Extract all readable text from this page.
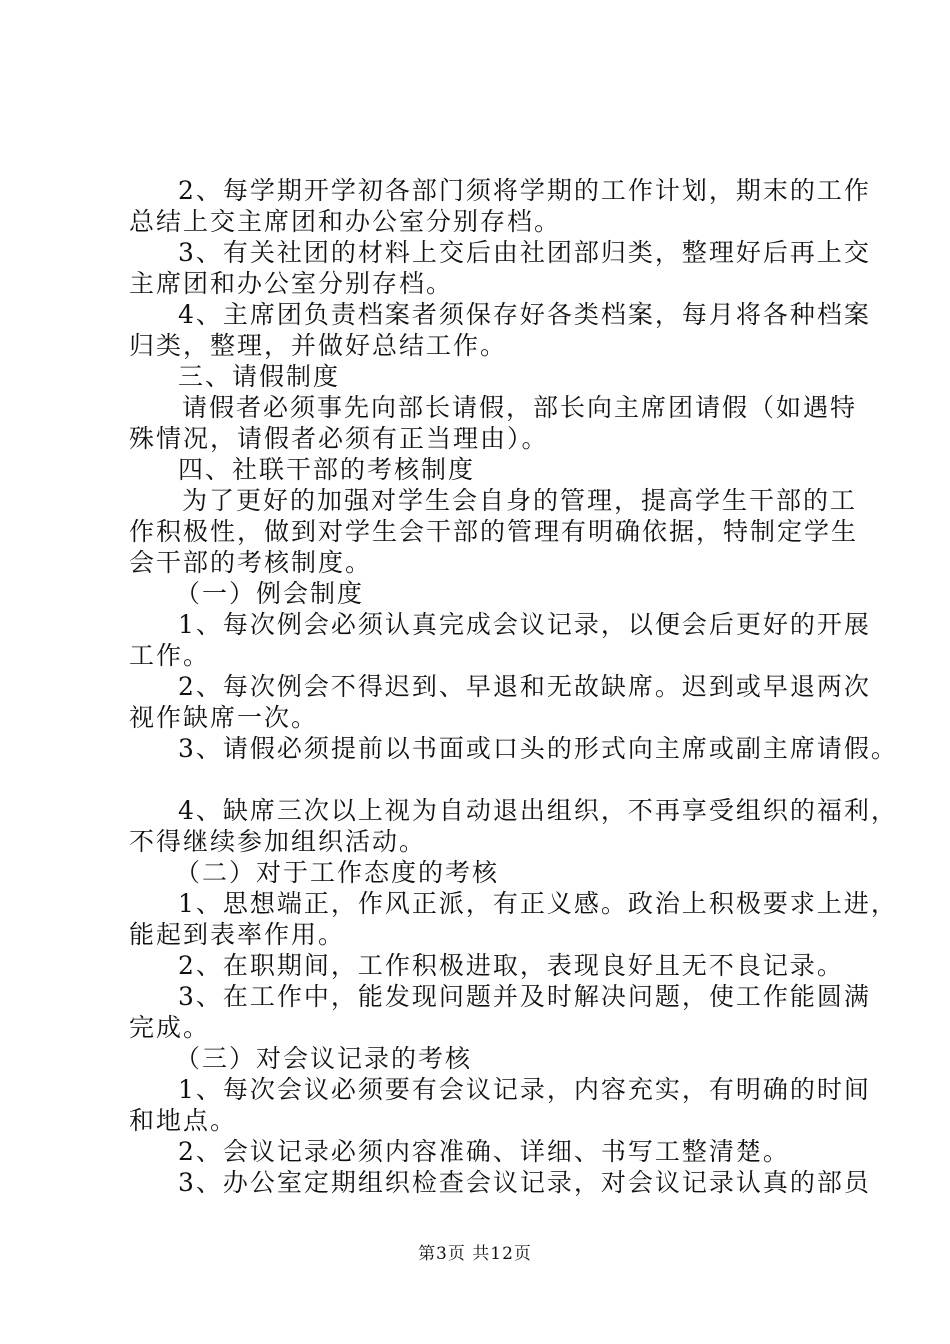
2、每学期开学初各部门须将学期的工作计划，期末的工作
总结上交主席团和办公室分别存档。
3、有关社团的材料上交后由社团部归类，整理好后再上交
主席团和办公室分别存档。
4、主席团负责档案者须保存好各类档案，每月将各种档案
归类，整理，并做好总结工作。
三、请假制度
请假者必须事先向部长请假，部长向主席团请假（如遇特
殊情况，请假者必须有正当理由）。
四、社联干部的考核制度
为了更好的加强对学生会自身的管理，提高学生干部的工
作积极性，做到对学生会干部的管理有明确依据，特制定学生
会干部的考核制度。
（一）例会制度
1、每次例会必须认真完成会议记录，以便会后更好的开展
工作。
2、每次例会不得迟到、早退和无故缺席。迟到或早退两次
视作缺席一次。
3、请假必须提前以书面或口头的形式向主席或副主席请假。
4、缺席三次以上视为自动退出组织，不再享受组织的福利，
不得继续参加组织活动。
（二）对于工作态度的考核
1、思想端正，作风正派，有正义感。政治上积极要求上进，
能起到表率作用。
2、在职期间，工作积极进取，表现良好且无不良记录。
3、在工作中，能发现问题并及时解决问题，使工作能圆满
完成。
（三）对会议记录的考核
1、每次会议必须要有会议记录，内容充实，有明确的时间
和地点。
2、会议记录必须内容准确、详细、书写工整清楚。
3、办公室定期组织检查会议记录，对会议记录认真的部员
第3页 共12页
